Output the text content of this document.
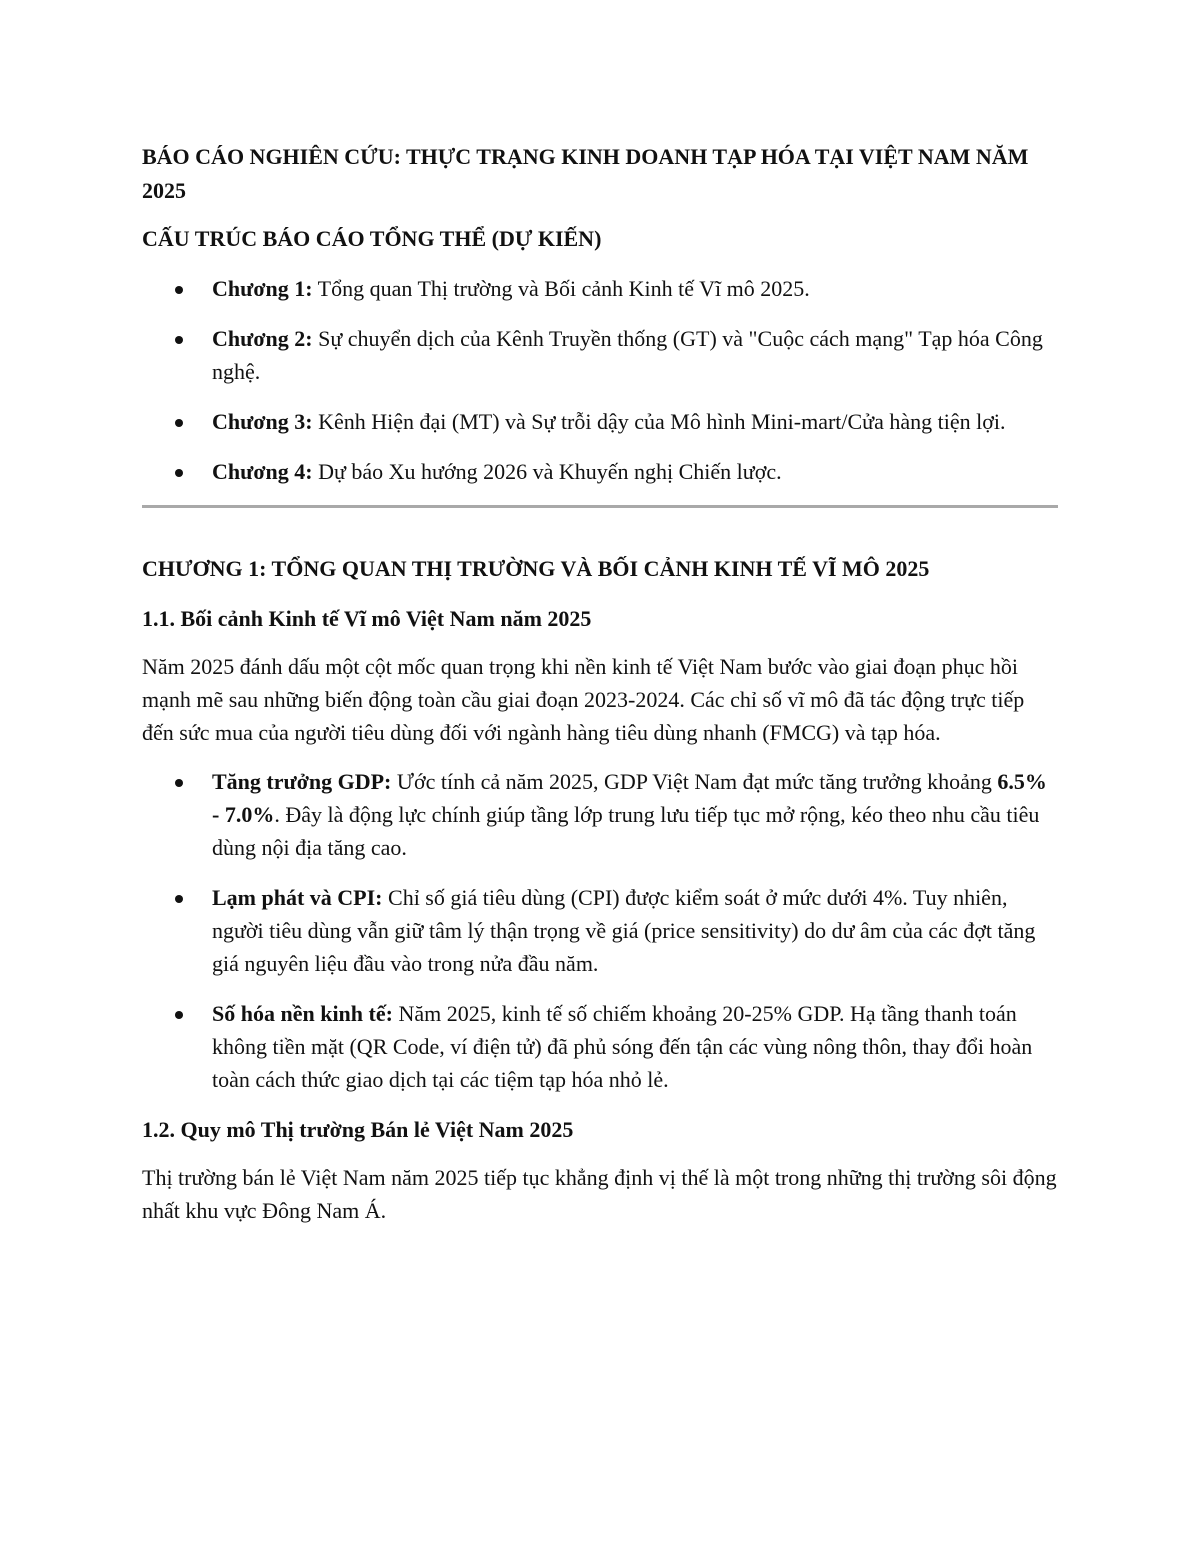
BÁO CÁO NGHIÊN CỨU: THỰC TRẠNG KINH DOANH TẠP HÓA TẠI VIỆT NAM NĂM 2025
CẤU TRÚC BÁO CÁO TỔNG THỂ (DỰ KIẾN)
Chương 1: Tổng quan Thị trường và Bối cảnh Kinh tế Vĩ mô 2025.
Chương 2: Sự chuyển dịch của Kênh Truyền thống (GT) và "Cuộc cách mạng" Tạp hóa Công nghệ.
Chương 3: Kênh Hiện đại (MT) và Sự trỗi dậy của Mô hình Mini-mart/Cửa hàng tiện lợi.
Chương 4: Dự báo Xu hướng 2026 và Khuyến nghị Chiến lược.
CHƯƠNG 1: TỔNG QUAN THỊ TRƯỜNG VÀ BỐI CẢNH KINH TẾ VĨ MÔ 2025
1.1. Bối cảnh Kinh tế Vĩ mô Việt Nam năm 2025

Năm 2025 đánh dấu một cột mốc quan trọng khi nền kinh tế Việt Nam bước vào giai đoạn phục hồi mạnh mẽ sau những biến động toàn cầu giai đoạn 2023-2024. Các chỉ số vĩ mô đã tác động trực tiếp đến sức mua của người tiêu dùng đối với ngành hàng tiêu dùng nhanh (FMCG) và tạp hóa.

Tăng trưởng GDP: Ước tính cả năm 2025, GDP Việt Nam đạt mức tăng trưởng khoảng 6.5% - 7.0%. Đây là động lực chính giúp tầng lớp trung lưu tiếp tục mở rộng, kéo theo nhu cầu tiêu dùng nội địa tăng cao.
Lạm phát và CPI: Chỉ số giá tiêu dùng (CPI) được kiểm soát ở mức dưới 4%. Tuy nhiên, người tiêu dùng vẫn giữ tâm lý thận trọng về giá (price sensitivity) do dư âm của các đợt tăng giá nguyên liệu đầu vào trong nửa đầu năm.
Số hóa nền kinh tế: Năm 2025, kinh tế số chiếm khoảng 20-25% GDP. Hạ tầng thanh toán không tiền mặt (QR Code, ví điện tử) đã phủ sóng đến tận các vùng nông thôn, thay đổi hoàn toàn cách thức giao dịch tại các tiệm tạp hóa nhỏ lẻ.
1.2. Quy mô Thị trường Bán lẻ Việt Nam 2025

Thị trường bán lẻ Việt Nam năm 2025 tiếp tục khẳng định vị thế là một trong những thị trường sôi động nhất khu vực Đông Nam Á.
